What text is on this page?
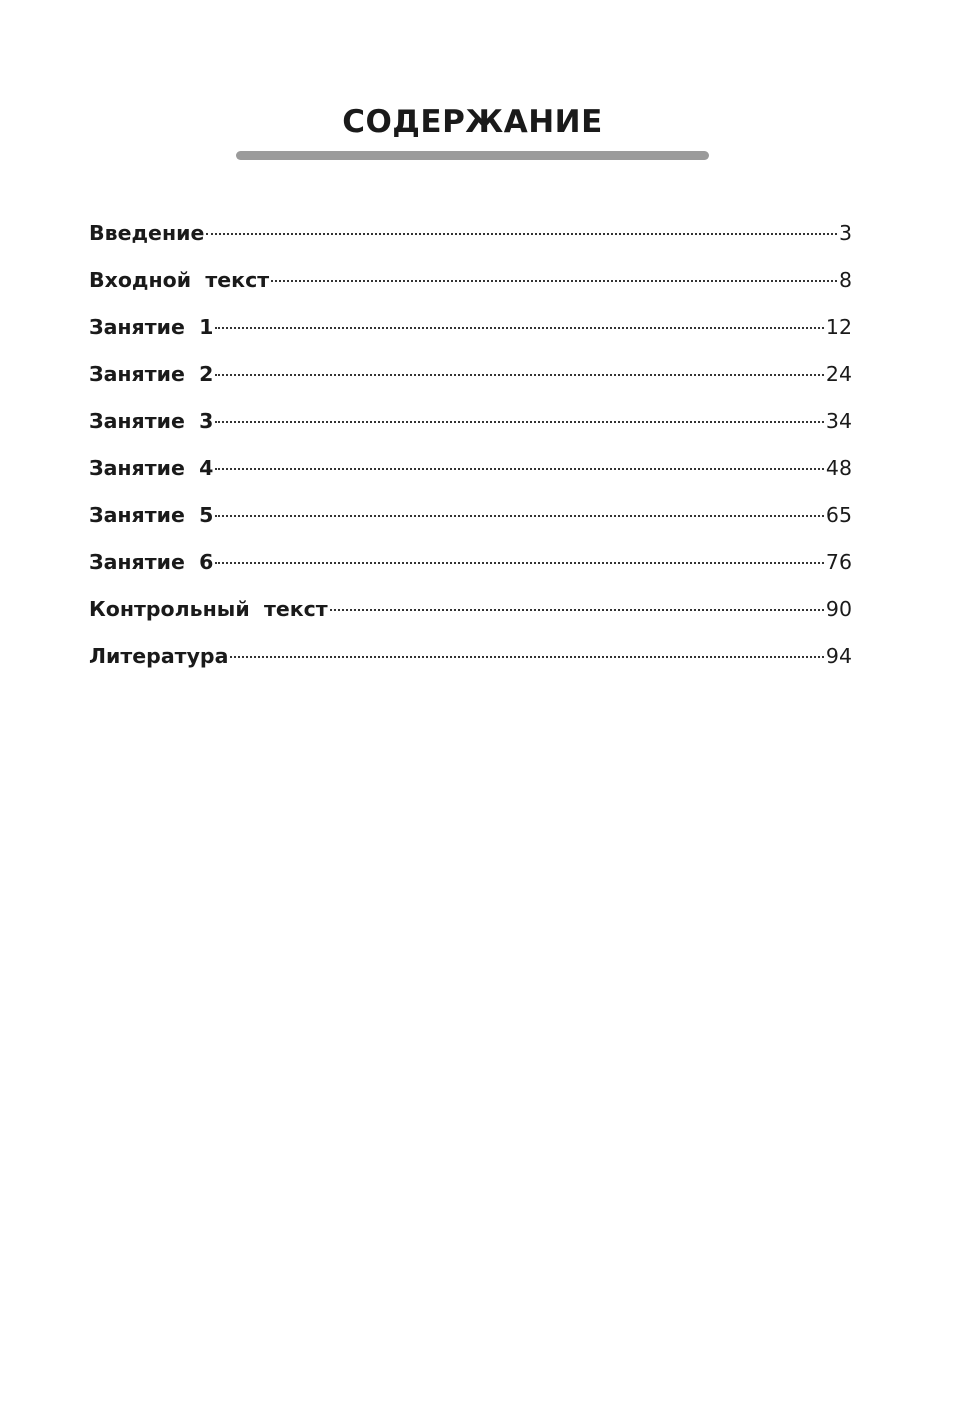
СОДЕРЖАНИЕ
Введение	3
Входной  текст	8
Занятие  1	12
Занятие  2	24
Занятие  3	34
Занятие  4	48
Занятие  5	65
Занятие  6	76
Контрольный  текст	90
Литература	94
